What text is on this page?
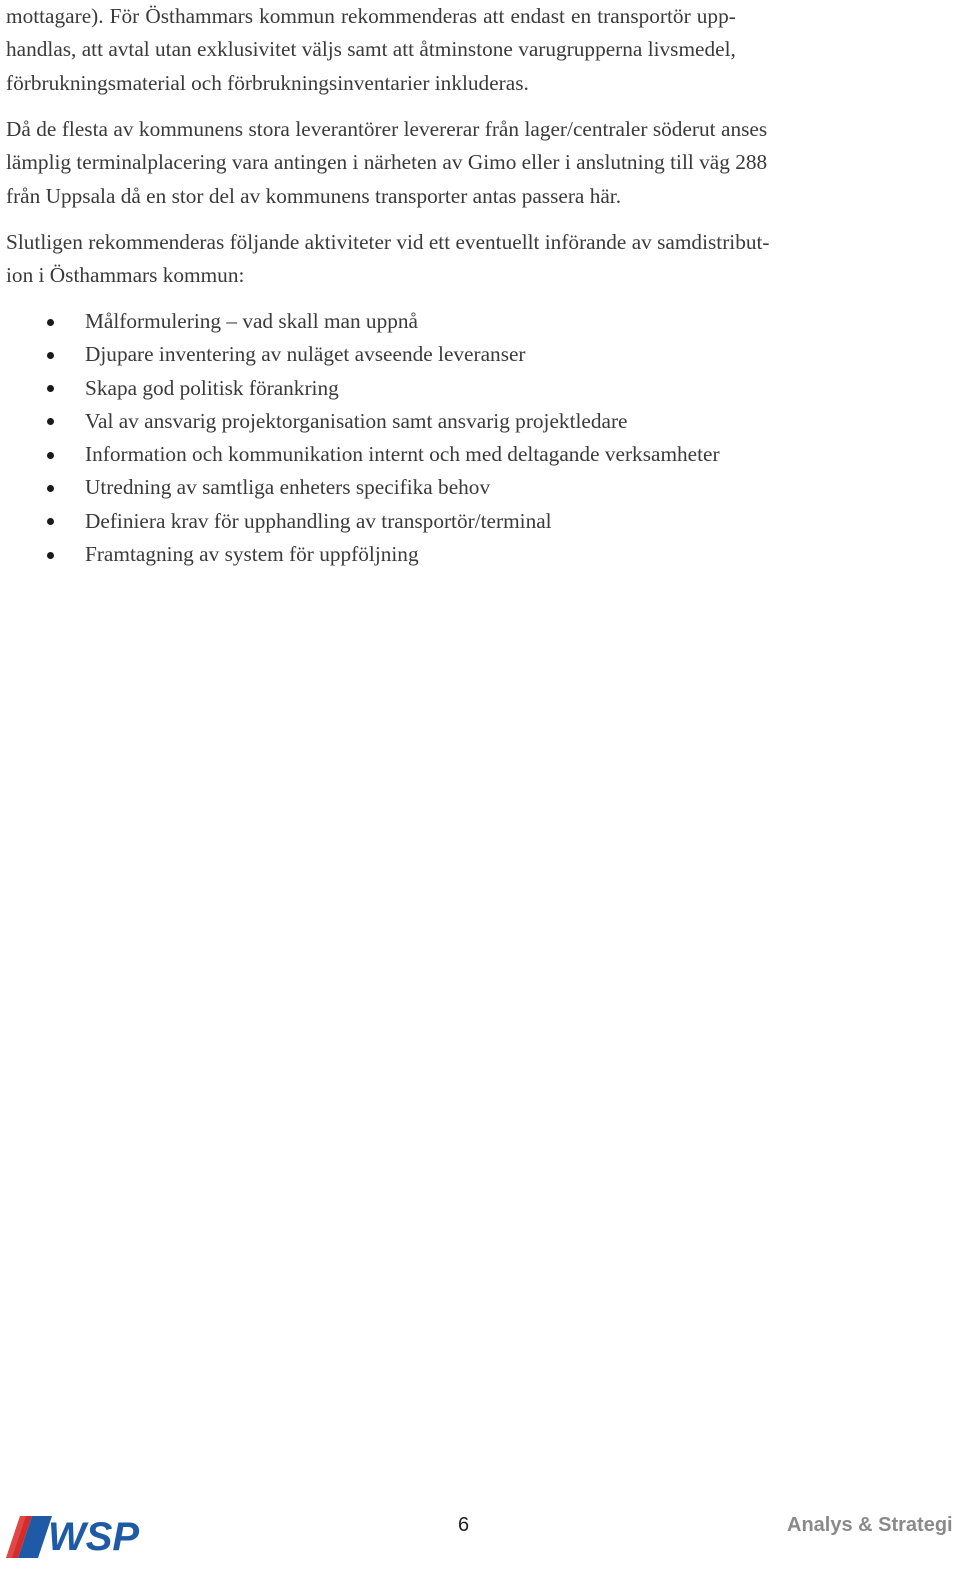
mottagare). För Östhammars kommun rekommenderas att endast en transportör upp-
handlas, att avtal utan exklusivitet väljs samt att åtminstone varugrupperna livsmedel,
förbrukningsmaterial och förbrukningsinventarier inkluderas.

Då de flesta av kommunens stora leverantörer levererar från lager/centraler söderut anses
lämplig terminalplacering vara antingen i närheten av Gimo eller i anslutning till väg 288
från Uppsala då en stor del av kommunens transporter antas passera här.

Slutligen rekommenderas följande aktiviteter vid ett eventuellt införande av samdistribut-
ion i Östhammars kommun:

Målformulering – vad skall man uppnå
Djupare inventering av nuläget avseende leveranser
Skapa god politisk förankring
Val av ansvarig projektorganisation samt ansvarig projektledare
Information och kommunikation internt och med deltagande verksamheter
Utredning av samtliga enheters specifika behov
Definiera krav för upphandling av transportör/terminal
Framtagning av system för uppföljning
WSP	6	Analys & Strategi
